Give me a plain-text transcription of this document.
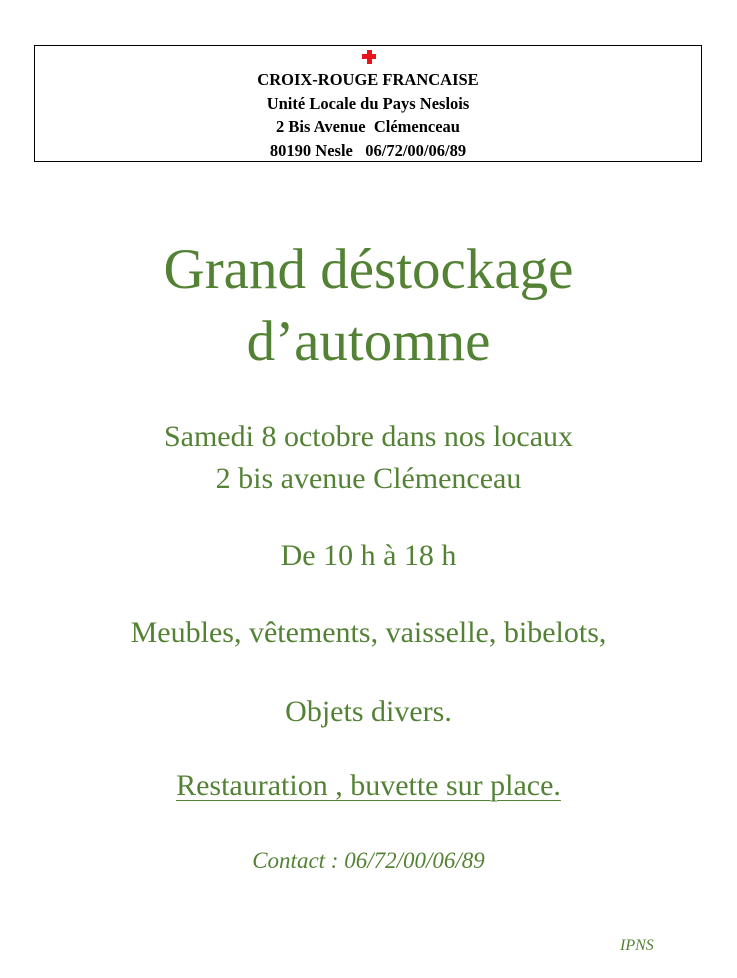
CROIX-ROUGE FRANCAISE
Unité Locale du Pays Neslois
2 Bis Avenue  Clémenceau
80190 Nesle   06/72/00/06/89
Grand déstockage
d’automne
Samedi 8 octobre dans nos locaux
2 bis avenue Clémenceau
De 10 h à 18 h
Meubles, vêtements, vaisselle, bibelots,
Objets divers.
Restauration , buvette sur place.
Contact : 06/72/00/06/89
IPNS
